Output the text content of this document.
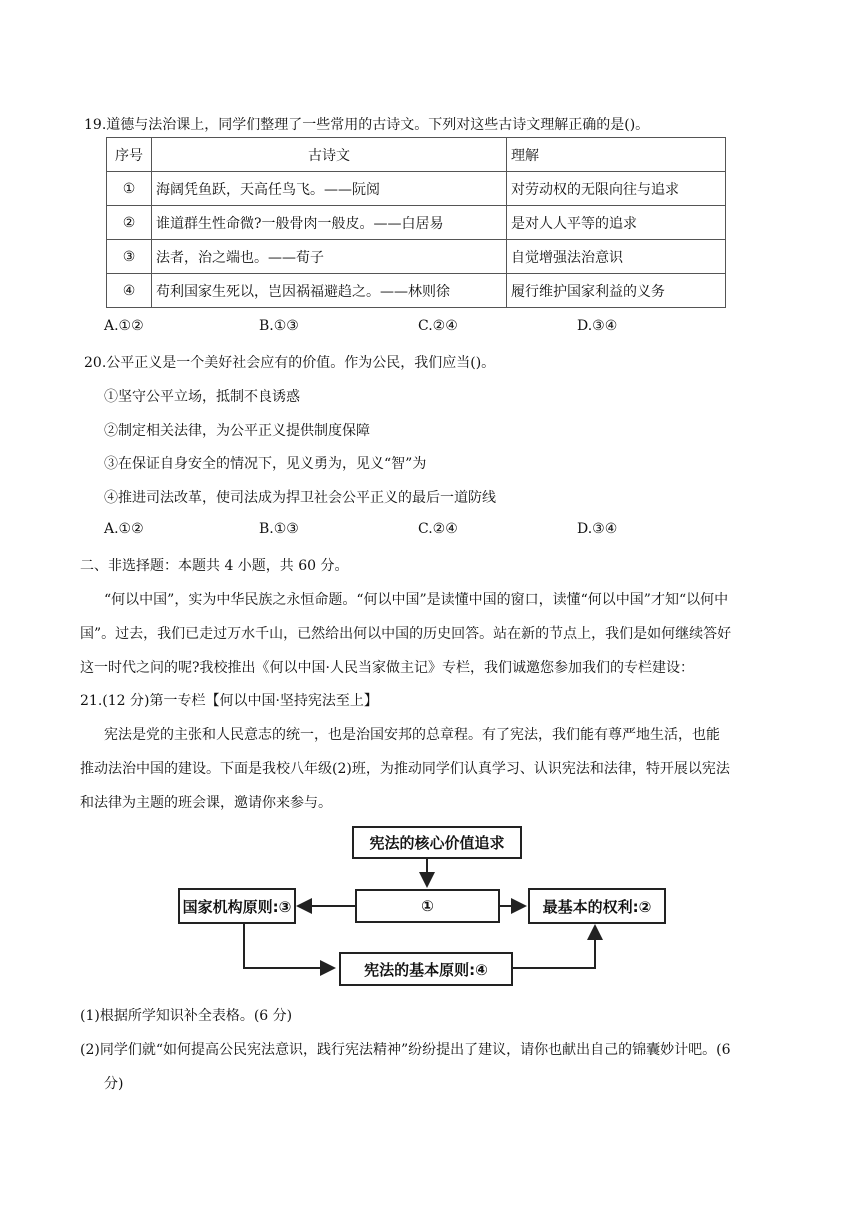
19.道德与法治课上，同学们整理了一些常用的古诗文。下列对这些古诗文理解正确的是()。
序号	古诗文	理解
①	海阔凭鱼跃，天高任鸟飞。——阮阅	对劳动权的无限向往与追求
②	谁道群生性命微?一般骨肉一般皮。——白居易	是对人人平等的追求
③	法者，治之端也。——荀子	自觉增强法治意识
④	苟利国家生死以，岂因祸福避趋之。——林则徐	履行维护国家利益的义务
A.①②	B.①③	C.②④	D.③④
20.公平正义是一个美好社会应有的价值。作为公民，我们应当()。
①坚守公平立场，抵制不良诱惑
②制定相关法律，为公平正义提供制度保障
③在保证自身安全的情况下，见义勇为，见义“智”为
④推进司法改革，使司法成为捍卫社会公平正义的最后一道防线
A.①②	B.①③	C.②④	D.③④
二、非选择题：本题共 4 小题，共 60 分。
“何以中国”，实为中华民族之永恒命题。“何以中国”是读懂中国的窗口，读懂“何以中国”才知“以何中
国”。过去，我们已走过万水千山，已然给出何以中国的历史回答。站在新的节点上，我们是如何继续答好
这一时代之问的呢?我校推出《何以中国·人民当家做主记》专栏，我们诚邀您参加我们的专栏建设：
21.(12 分)第一专栏【何以中国·坚持宪法至上】
宪法是党的主张和人民意志的统一，也是治国安邦的总章程。有了宪法，我们能有尊严地生活，也能
推动法治中国的建设。下面是我校八年级(2)班，为推动同学们认真学习、认识宪法和法律，特开展以宪法
和法律为主题的班会课，邀请你来参与。
宪法的核心价值追求
①
国家机构原则:③	最基本的权利:②
宪法的基本原则:④
(1)根据所学知识补全表格。(6 分)
(2)同学们就“如何提高公民宪法意识，践行宪法精神”纷纷提出了建议，请你也献出自己的锦囊妙计吧。(6
分)
